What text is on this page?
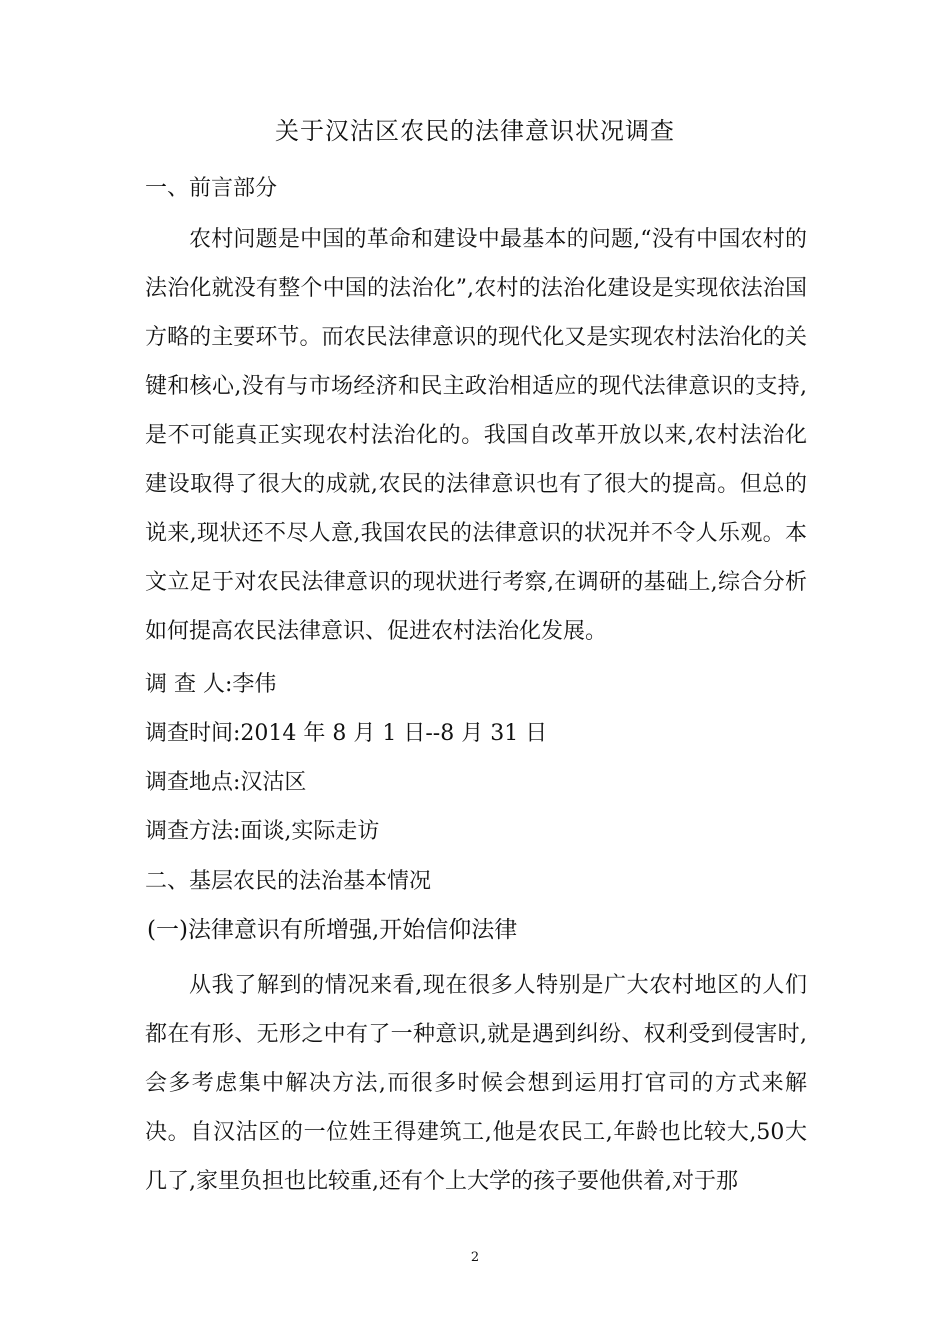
关于汉沽区农民的法律意识状况调查

一、前言部分

农村问题是中国的革命和建设中最基本的问题,“没有中国农村的法治化就没有整个中国的法治化”,农村的法治化建设是实现依法治国方略的主要环节。而农民法律意识的现代化又是实现农村法治化的关键和核心,没有与市场经济和民主政治相适应的现代法律意识的支持,是不可能真正实现农村法治化的。我国自改革开放以来,农村法治化建设取得了很大的成就,农民的法律意识也有了很大的提高。但总的说来,现状还不尽人意,我国农民的法律意识的状况并不令人乐观。本文立足于对农民法律意识的现状进行考察,在调研的基础上,综合分析如何提高农民法律意识、促进农村法治化发展。

调 查 人:李伟

调查时间:2014 年 8 月 1 日--8 月 31 日

调查地点:汉沽区

调查方法:面谈,实际走访

二、基层农民的法治基本情况

(一)法律意识有所增强,开始信仰法律

从我了解到的情况来看,现在很多人特别是广大农村地区的人们都在有形、无形之中有了一种意识,就是遇到纠纷、权利受到侵害时,会多考虑集中解决方法,而很多时候会想到运用打官司的方式来解决。自汉沽区的一位姓王得建筑工,他是农民工,年龄也比较大,50大几了,家里负担也比较重,还有个上大学的孩子要他供着,对于那

2
